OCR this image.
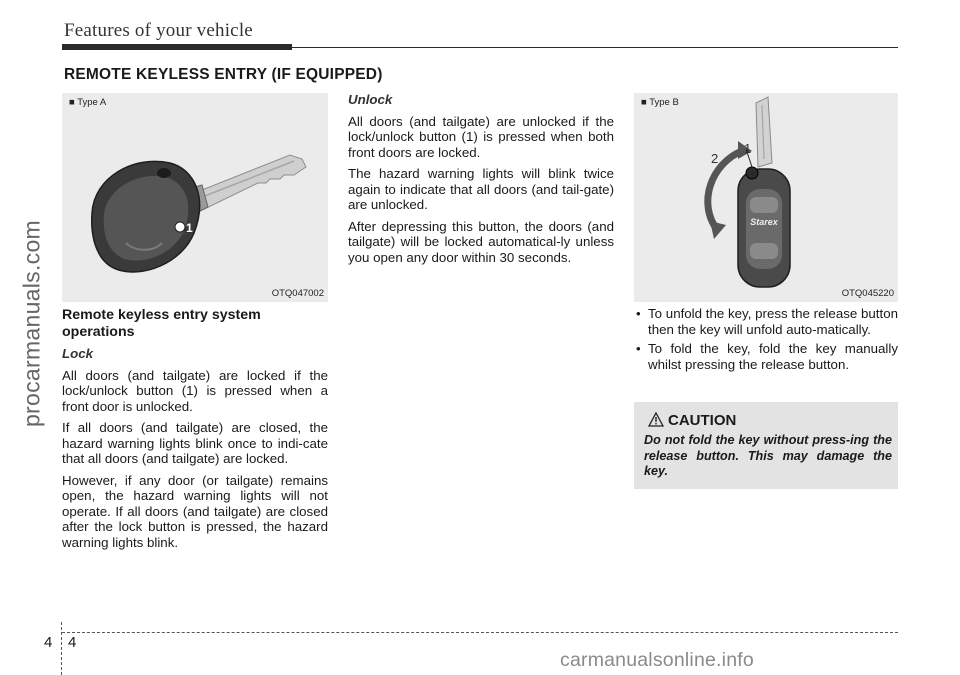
Features of your vehicle
REMOTE KEYLESS ENTRY (IF EQUIPPED)
1
■ Type A
OTQ047002
2
1
Starex
■ Type B
OTQ045220

Remote keyless entry system operations

Lock

All doors (and tailgate) are locked if the lock/unlock button (1) is pressed when a front door is unlocked.

If all doors (and tailgate) are closed, the hazard warning lights blink once to indi-cate that all doors (and tailgate) are locked.

However, if any door (or tailgate) remains open, the hazard warning lights will not operate. If all doors (and tailgate) are closed after the lock button is pressed, the hazard warning lights blink.

Unlock

All doors (and tailgate) are unlocked if the lock/unlock button (1) is pressed when both front doors are locked.

The hazard warning lights will blink twice again to indicate that all doors (and tail-gate) are unlocked.

After depressing this button, the doors (and tailgate) will be locked automatical-ly unless you open any door within 30 seconds.

• To unfold the key, press the release button then the key will unfold auto-matically.
• To fold the key, fold the key manually whilst pressing the release button.
CAUTION
Do not fold the key without press-ing the release button. This may damage the key.
procarmanuals.com
4 4
carmanualsonline.info
